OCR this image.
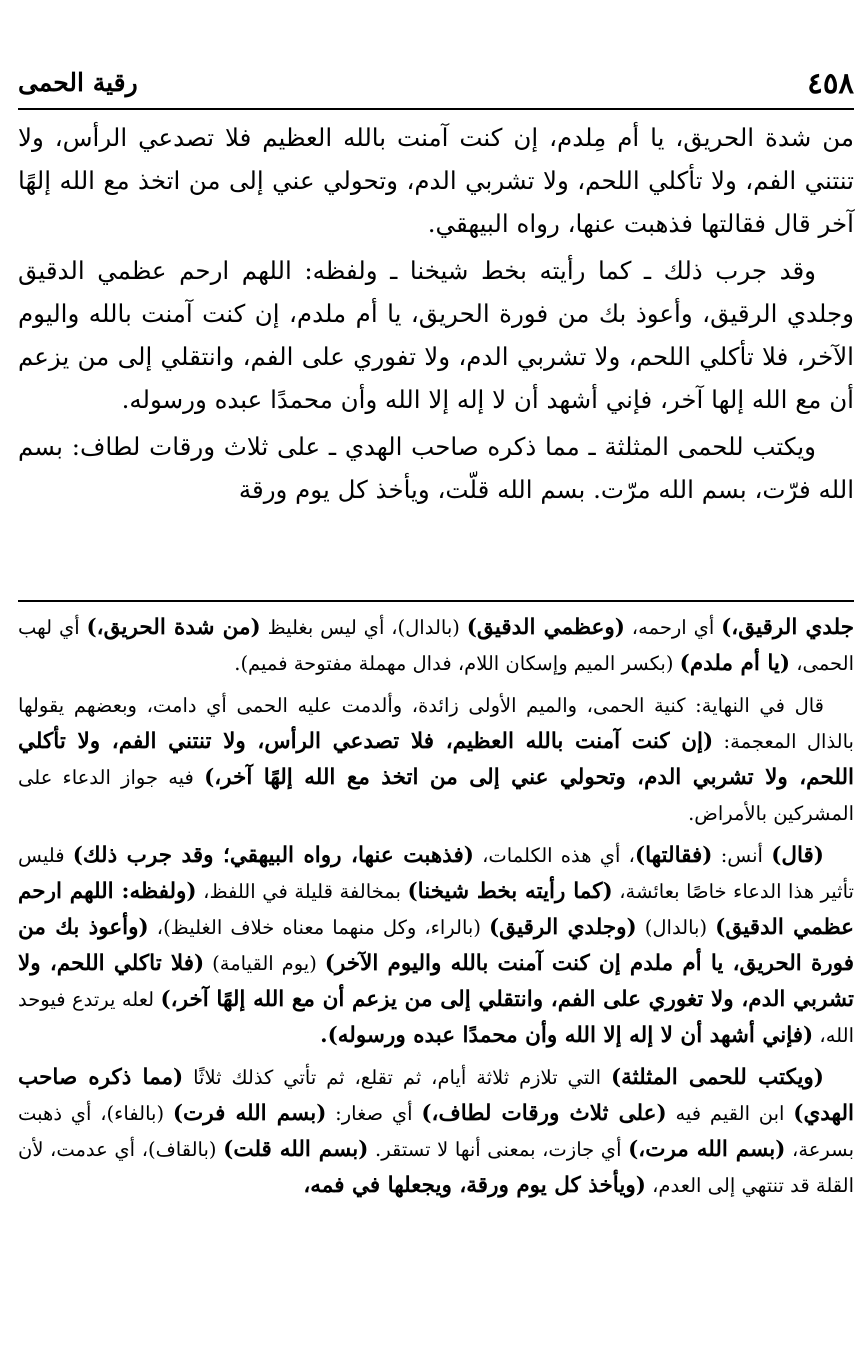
٤٥٨
رقية الحمى

من شدة الحريق، يا أم مِلدم، إن كنت آمنت بالله العظيم فلا تصدعي الرأس، ولا تنتني الفم، ولا تأكلي اللحم، ولا تشربي الدم، وتحولي عني إلى من اتخذ مع الله إلهًا آخر قال فقالتها فذهبت عنها، رواه البيهقي.

وقد جرب ذلك ـ كما رأيته بخط شيخنا ـ ولفظه: اللهم ارحم عظمي الدقيق وجلدي الرقيق، وأعوذ بك من فورة الحريق، يا أم ملدم، إن كنت آمنت بالله واليوم الآخر، فلا تأكلي اللحم، ولا تشربي الدم، ولا تفوري على الفم، وانتقلي إلى من يزعم أن مع الله إلها آخر، فإني أشهد أن لا إله إلا الله وأن محمدًا عبده ورسوله.

ويكتب للحمى المثلثة ـ مما ذكره صاحب الهدي ـ على ثلاث ورقات لطاف: بسم الله فرّت، بسم الله مرّت. بسم الله قلّت، ويأخذ كل يوم ورقة

جلدي الرقيق،) أي ارحمه، (وعظمي الدقيق) (بالدال)، أي ليس بغليظ (من شدة الحريق،) أي لهب الحمى، (يا أم ملدم) (بكسر الميم وإسكان اللام، فدال مهملة مفتوحة فميم).

قال في النهاية: كنية الحمى، والميم الأولى زائدة، وألدمت عليه الحمى أي دامت، وبعضهم يقولها بالذال المعجمة: (إن كنت آمنت بالله العظيم، فلا تصدعي الرأس، ولا تنتني الفم، ولا تأكلي اللحم، ولا تشربي الدم، وتحولي عني إلى من اتخذ مع الله إلهًا آخر،) فيه جواز الدعاء على المشركين بالأمراض.

(قال) أنس: (فقالتها)، أي هذه الكلمات، (فذهبت عنها، رواه البيهقي؛ وقد جرب ذلك) فليس تأثير هذا الدعاء خاصًا بعائشة، (كما رأيته بخط شيخنا) بمخالفة قليلة في اللفظ، (ولفظه: اللهم ارحم عظمي الدقيق) (بالدال) (وجلدي الرقيق) (بالراء، وكل منهما معناه خلاف الغليظ)، (وأعوذ بك من فورة الحريق، يا أم ملدم إن كنت آمنت بالله واليوم الآخر) (يوم القيامة) (فلا تاكلي اللحم، ولا تشربي الدم، ولا تغوري على الفم، وانتقلي إلى من يزعم أن مع الله إلهًا آخر،) لعله يرتدع فيوحد الله، (فإني أشهد أن لا إله إلا الله وأن محمدًا عبده ورسوله).

(ويكتب للحمى المثلثة) التي تلازم ثلاثة أيام، ثم تقلع، ثم تأتي كذلك ثلاثًا (مما ذكره صاحب الهدي) ابن القيم فيه (على ثلاث ورقات لطاف،) أي صغار: (بسم الله فرت) (بالفاء)، أي ذهبت بسرعة، (بسم الله مرت،) أي جازت، بمعنى أنها لا تستقر. (بسم الله قلت) (بالقاف)، أي عدمت، لأن القلة قد تنتهي إلى العدم، (ويأخذ كل يوم ورقة، ويجعلها في فمه،
